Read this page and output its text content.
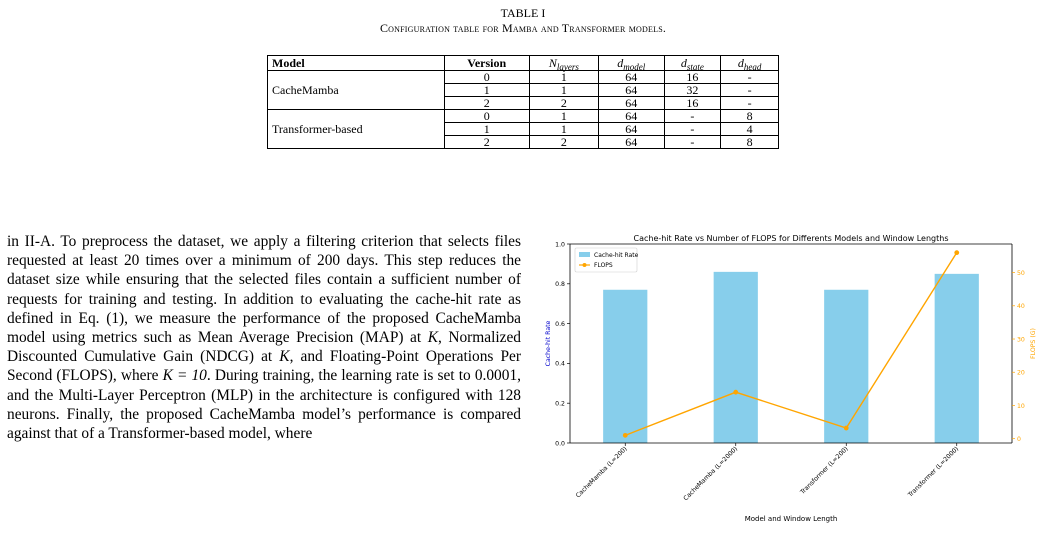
TABLE I
Configuration table for Mamba and Transformer models.
Model	Version	$N_{layers}$	$d_{model}$	$d_{state}$	$d_{head}$
CacheMamba	0	1	64	16	-
	1	1	64	32	-
	2	2	64	16	-
Transformer-based	0	1	64	-	8
	1	1	64	-	4
	2	2	64	-	8

in II-A. To preprocess the dataset, we apply a filtering criterion that selects files requested at least 20 times over a minimum of 200 days. This step reduces the dataset size while ensuring that the selected files contain a sufficient number of requests for training and testing. In addition to evaluating the cache-hit rate as defined in Eq. (1), we measure the performance of the proposed CacheMamba model using metrics such as Mean Average Precision (MAP) at K, Normalized Discounted Cumulative Gain (NDCG) at K, and Floating-Point Operations Per Second (FLOPS), where K = 10. During training, the learning rate is set to 0.0001, and the Multi-Layer Perceptron (MLP) in the architecture is configured with 128 neurons. Finally, the proposed CacheMamba model’s performance is compared against that of a Transformer-based model, where

Cache-hit Rate vs Number of FLOPS for Differents Models and Window Lengths
0.0
0.2
0.4
0.6
0.8
1.0
0
10
20
30
40
50
CacheMamba (L=200)	CacheMamba (L=2000)	Transformer (L=200)	Transformer (L=2000)
Cache-hit Rate	FLOPS (G)
Model and Window Length
Cache-hit Rate
FLOPS
